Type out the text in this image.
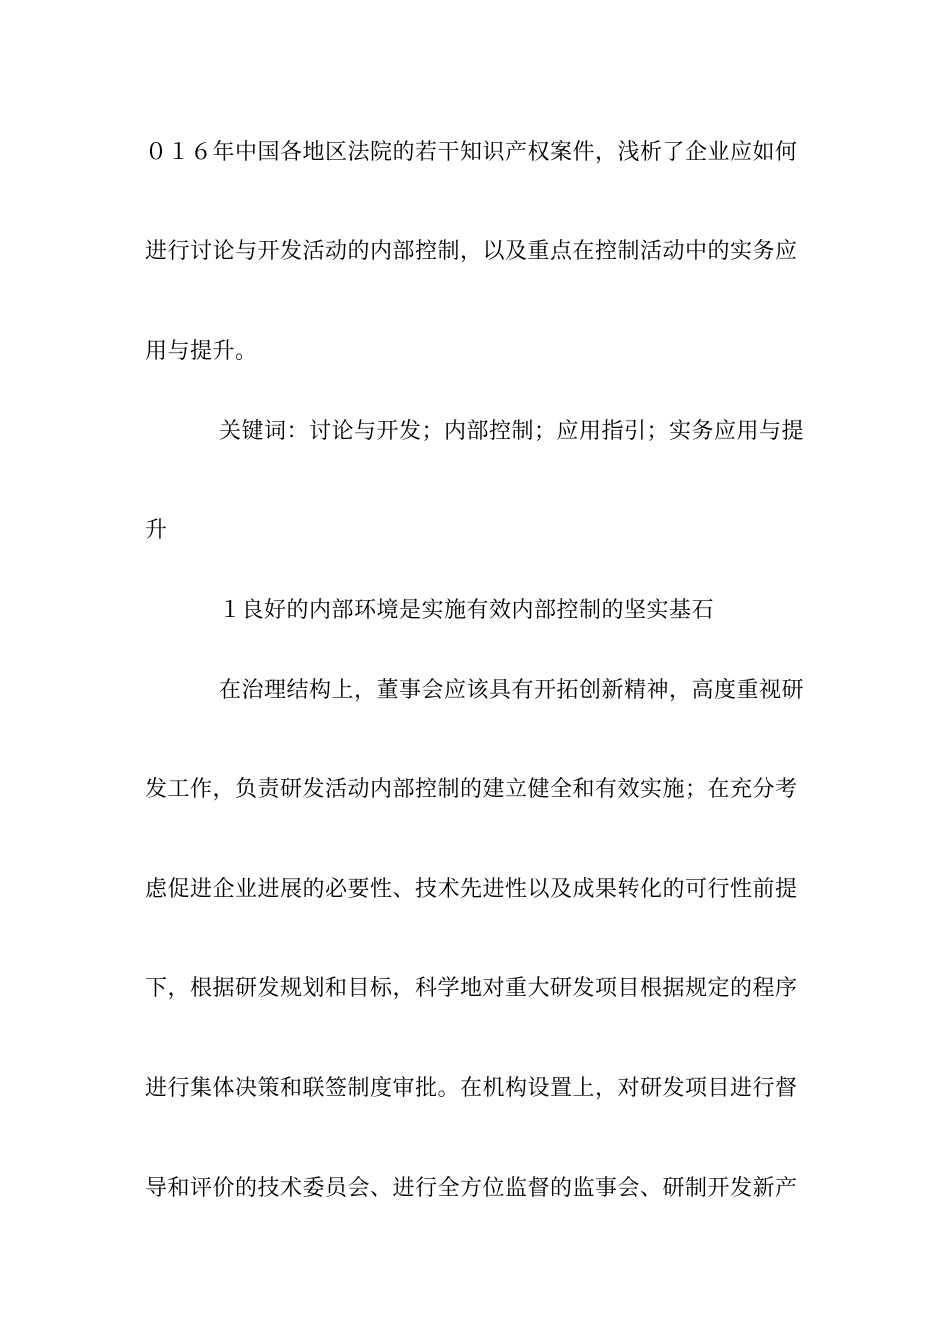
０１６年中国各地区法院的若干知识产权案件，浅析了企业应如何
进行讨论与开发活动的内部控制，以及重点在控制活动中的实务应
用与提升。
关键词：讨论与开发；内部控制；应用指引；实务应用与提
升
１良好的内部环境是实施有效内部控制的坚实基石
在治理结构上，董事会应该具有开拓创新精神，高度重视研
发工作，负责研发活动内部控制的建立健全和有效实施；在充分考
虑促进企业进展的必要性、技术先进性以及成果转化的可行性前提
下，根据研发规划和目标，科学地对重大研发项目根据规定的程序
进行集体决策和联签制度审批。在机构设置上，对研发项目进行督
导和评价的技术委员会、进行全方位监督的监事会、研制开发新产
